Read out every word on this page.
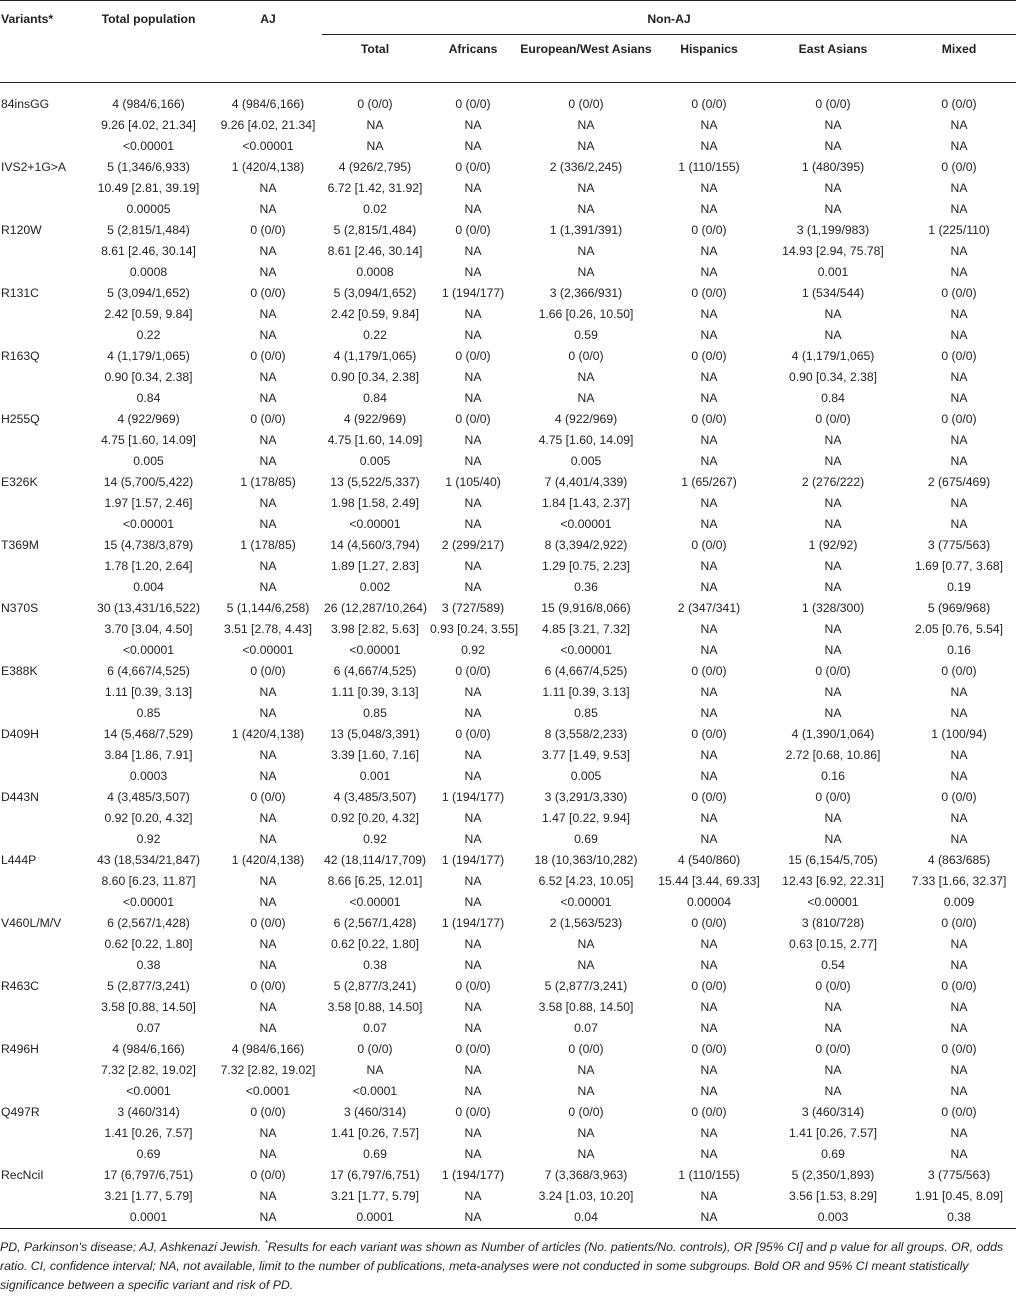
Variants*	Total population	AJ	Non-AJ					
			Total	Africans	European/West Asians	Hispanics	East Asians	Mixed

84insGG	4 (984/6,166)	4 (984/6,166)	0 (0/0)	0 (0/0)	0 (0/0)	0 (0/0)	0 (0/0)	0 (0/0)
	9.26 [4.02, 21.34]	9.26 [4.02, 21.34]	NA	NA	NA	NA	NA	NA
	<0.00001	<0.00001	NA	NA	NA	NA	NA	NA
IVS2+1G>A	5 (1,346/6,933)	1 (420/4,138)	4 (926/2,795)	0 (0/0)	2 (336/2,245)	1 (110/155)	1 (480/395)	0 (0/0)
	10.49 [2.81, 39.19]	NA	6.72 [1.42, 31.92]	NA	NA	NA	NA	NA
	0.00005	NA	0.02	NA	NA	NA	NA	NA
R120W	5 (2,815/1,484)	0 (0/0)	5 (2,815/1,484)	0 (0/0)	1 (1,391/391)	0 (0/0)	3 (1,199/983)	1 (225/110)
	8.61 [2.46, 30.14]	NA	8.61 [2.46, 30.14]	NA	NA	NA	14.93 [2.94, 75.78]	NA
	0.0008	NA	0.0008	NA	NA	NA	0.001	NA
R131C	5 (3,094/1,652)	0 (0/0)	5 (3,094/1,652)	1 (194/177)	3 (2,366/931)	0 (0/0)	1 (534/544)	0 (0/0)
	2.42 [0.59, 9.84]	NA	2.42 [0.59, 9.84]	NA	1.66 [0.26, 10.50]	NA	NA	NA
	0.22	NA	0.22	NA	0.59	NA	NA	NA
R163Q	4 (1,179/1,065)	0 (0/0)	4 (1,179/1,065)	0 (0/0)	0 (0/0)	0 (0/0)	4 (1,179/1,065)	0 (0/0)
	0.90 [0.34, 2.38]	NA	0.90 [0.34, 2.38]	NA	NA	NA	0.90 [0.34, 2.38]	NA
	0.84	NA	0.84	NA	NA	NA	0.84	NA
H255Q	4 (922/969)	0 (0/0)	4 (922/969)	0 (0/0)	4 (922/969)	0 (0/0)	0 (0/0)	0 (0/0)
	4.75 [1.60, 14.09]	NA	4.75 [1.60, 14.09]	NA	4.75 [1.60, 14.09]	NA	NA	NA
	0.005	NA	0.005	NA	0.005	NA	NA	NA
E326K	14 (5,700/5,422)	1 (178/85)	13 (5,522/5,337)	1 (105/40)	7 (4,401/4,339)	1 (65/267)	2 (276/222)	2 (675/469)
	1.97 [1.57, 2.46]	NA	1.98 [1.58, 2.49]	NA	1.84 [1.43, 2.37]	NA	NA	NA
	<0.00001	NA	<0.00001	NA	<0.00001	NA	NA	NA
T369M	15 (4,738/3,879)	1 (178/85)	14 (4,560/3,794)	2 (299/217)	8 (3,394/2,922)	0 (0/0)	1 (92/92)	3 (775/563)
	1.78 [1.20, 2.64]	NA	1.89 [1.27, 2.83]	NA	1.29 [0.75, 2.23]	NA	NA	1.69 [0.77, 3.68]
	0.004	NA	0.002	NA	0.36	NA	NA	0.19
N370S	30 (13,431/16,522)	5 (1,144/6,258)	26 (12,287/10,264)	3 (727/589)	15 (9,916/8,066)	2 (347/341)	1 (328/300)	5 (969/968)
	3.70 [3.04, 4.50]	3.51 [2.78, 4.43]	3.98 [2.82, 5.63]	0.93 [0.24, 3.55]	4.85 [3.21, 7.32]	NA	NA	2.05 [0.76, 5.54]
	<0.00001	<0.00001	<0.00001	0.92	<0.00001	NA	NA	0.16
E388K	6 (4,667/4,525)	0 (0/0)	6 (4,667/4,525)	0 (0/0)	6 (4,667/4,525)	0 (0/0)	0 (0/0)	0 (0/0)
	1.11 [0.39, 3.13]	NA	1.11 [0.39, 3.13]	NA	1.11 [0.39, 3.13]	NA	NA	NA
	0.85	NA	0.85	NA	0.85	NA	NA	NA
D409H	14 (5,468/7,529)	1 (420/4,138)	13 (5,048/3,391)	0 (0/0)	8 (3,558/2,233)	0 (0/0)	4 (1,390/1,064)	1 (100/94)
	3.84 [1.86, 7.91]	NA	3.39 [1.60, 7.16]	NA	3.77 [1.49, 9.53]	NA	2.72 [0.68, 10.86]	NA
	0.0003	NA	0.001	NA	0.005	NA	0.16	NA
D443N	4 (3,485/3,507)	0 (0/0)	4 (3,485/3,507)	1 (194/177)	3 (3,291/3,330)	0 (0/0)	0 (0/0)	0 (0/0)
	0.92 [0.20, 4.32]	NA	0.92 [0.20, 4.32]	NA	1.47 [0.22, 9.94]	NA	NA	NA
	0.92	NA	0.92	NA	0.69	NA	NA	NA
L444P	43 (18,534/21,847)	1 (420/4,138)	42 (18,114/17,709)	1 (194/177)	18 (10,363/10,282)	4 (540/860)	15 (6,154/5,705)	4 (863/685)
	8.60 [6.23, 11.87]	NA	8.66 [6.25, 12.01]	NA	6.52 [4.23, 10.05]	15.44 [3.44, 69.33]	12.43 [6.92, 22.31]	7.33 [1.66, 32.37]
	<0.00001	NA	<0.00001	NA	<0.00001	0.00004	<0.00001	0.009
V460L/M/V	6 (2,567/1,428)	0 (0/0)	6 (2,567/1,428)	1 (194/177)	2 (1,563/523)	0 (0/0)	3 (810/728)	0 (0/0)
	0.62 [0.22, 1.80]	NA	0.62 [0.22, 1.80]	NA	NA	NA	0.63 [0.15, 2.77]	NA
	0.38	NA	0.38	NA	NA	NA	0.54	NA
R463C	5 (2,877/3,241)	0 (0/0)	5 (2,877/3,241)	0 (0/0)	5 (2,877/3,241)	0 (0/0)	0 (0/0)	0 (0/0)
	3.58 [0.88, 14.50]	NA	3.58 [0.88, 14.50]	NA	3.58 [0.88, 14.50]	NA	NA	NA
	0.07	NA	0.07	NA	0.07	NA	NA	NA
R496H	4 (984/6,166)	4 (984/6,166)	0 (0/0)	0 (0/0)	0 (0/0)	0 (0/0)	0 (0/0)	0 (0/0)
	7.32 [2.82, 19.02]	7.32 [2.82, 19.02]	NA	NA	NA	NA	NA	NA
	<0.0001	<0.0001	<0.0001	NA	NA	NA	NA	NA
Q497R	3 (460/314)	0 (0/0)	3 (460/314)	0 (0/0)	0 (0/0)	0 (0/0)	3 (460/314)	0 (0/0)
	1.41 [0.26, 7.57]	NA	1.41 [0.26, 7.57]	NA	NA	NA	1.41 [0.26, 7.57]	NA
	0.69	NA	0.69	NA	NA	NA	0.69	NA
RecNciI	17 (6,797/6,751)	0 (0/0)	17 (6,797/6,751)	1 (194/177)	7 (3,368/3,963)	1 (110/155)	5 (2,350/1,893)	3 (775/563)
	3.21 [1.77, 5.79]	NA	3.21 [1.77, 5.79]	NA	3.24 [1.03, 10.20]	NA	3.56 [1.53, 8.29]	1.91 [0.45, 8.09]
	0.0001	NA	0.0001	NA	0.04	NA	0.003	0.38
PD, Parkinson's disease; AJ, Ashkenazi Jewish. *Results for each variant was shown as Number of articles (No. patients/No. controls), OR [95% CI] and p value for all groups. OR, odds ratio. CI, confidence interval; NA, not available, limit to the number of publications, meta-analyses were not conducted in some subgroups. Bold OR and 95% CI meant statistically significance between a specific variant and risk of PD.
